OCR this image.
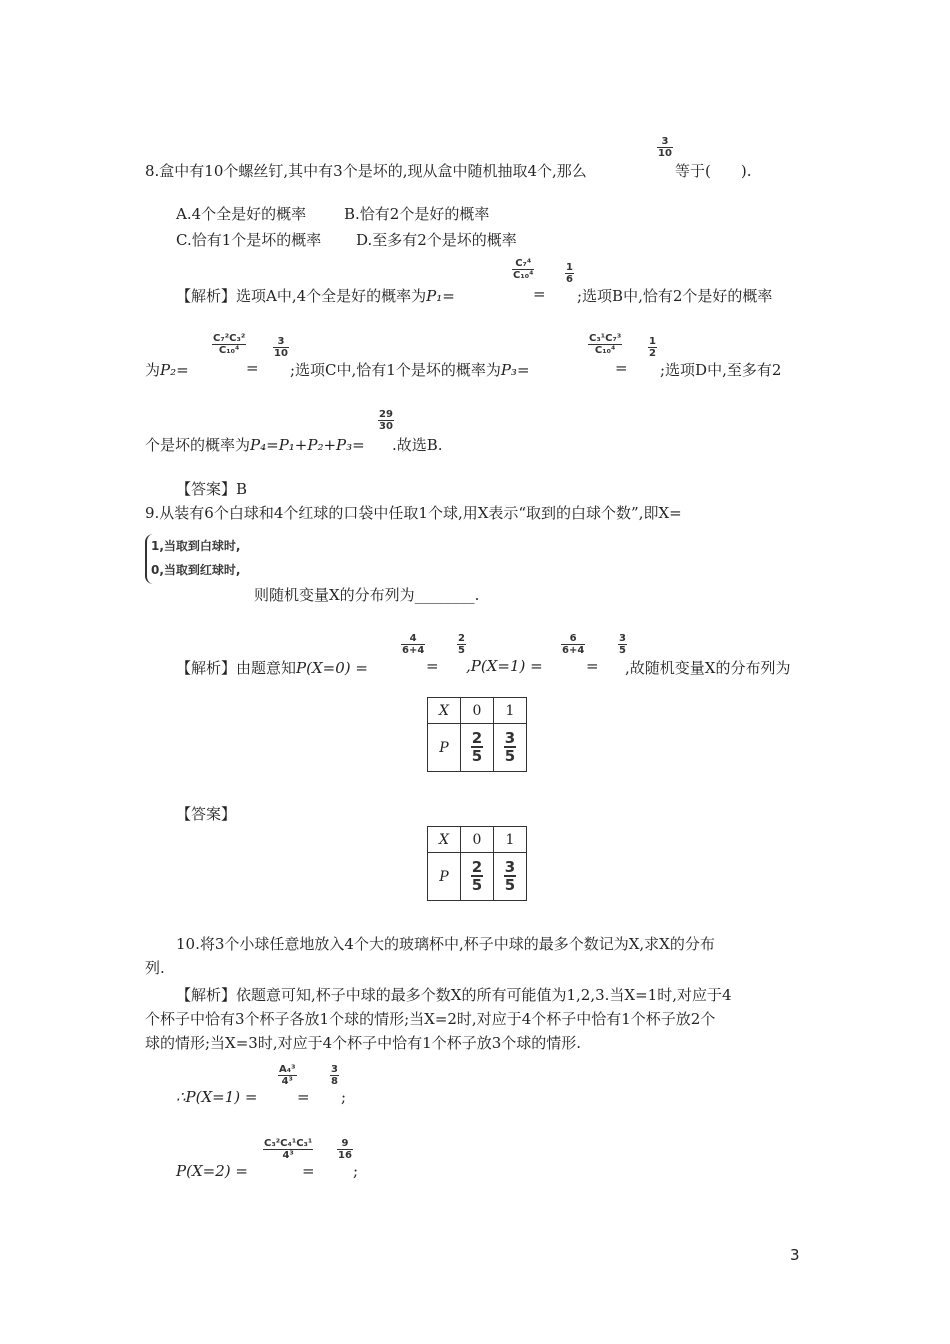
8.盒中有10个螺丝钉,其中有3个是坏的,现从盒中随机抽取4个,那么
$\frac{3}{10}$
等于(　　).
A.4个全是好的概率	B.恰有2个是好的概率
C.恰有1个是坏的概率 D.至多有2个是坏的概率
【解析】选项A中,4个全是好的概率为P₁=
$\frac{\text{C₇⁴}}{\text{C₁₀⁴}}$
=
$\frac{1}{6}$
;选项B中,恰有2个是好的概率
为P₂=
$\frac{\text{C₇²C₃²}}{\text{C₁₀⁴}}$
=
$\frac{3}{10}$
;选项C中,恰有1个是坏的概率为P₃=
$\frac{\text{C₃¹C₇³}}{\text{C₁₀⁴}}$
=
$\frac{1}{2}$
;选项D中,至多有2
个是坏的概率为P₄=P₁+P₂+P₃=
$\frac{29}{30}$
.故选B.
【答案】B
9.从装有6个白球和4个红球的口袋中任取1个球,用X表示“取到的白球个数”,即X=
1,当取到白球时,
0,当取到红球时,
则随机变量X的分布列为________.
【解析】由题意知P(X=0) =
$\frac{4}{6+4}$
=
$\frac{2}{5}$
,P(X=1) =
$\frac{6}{6+4}$
=
$\frac{3}{5}$
,故随机变量X的分布列为
X	0	1
P	$\frac{2}{5}$	$\frac{3}{5}$
【答案】
X	0	1
P	$\frac{2}{5}$	$\frac{3}{5}$
10.将3个小球任意地放入4个大的玻璃杯中,杯子中球的最多个数记为X,求X的分布
列.
【解析】依题意可知,杯子中球的最多个数X的所有可能值为1,2,3.当X=1时,对应于4
个杯子中恰有3个杯子各放1个球的情形;当X=2时,对应于4个杯子中恰有1个杯子放2个
球的情形;当X=3时,对应于4个杯子中恰有1个杯子放3个球的情形.
∴P(X=1) =
$\frac{\text{A₄³}}{\text{4³}}$
=
$\frac{3}{8}$
;
P(X=2) =
$\frac{\text{C₃²C₄¹C₃¹}}{\text{4³}}$
=
$\frac{9}{16}$
;
3
